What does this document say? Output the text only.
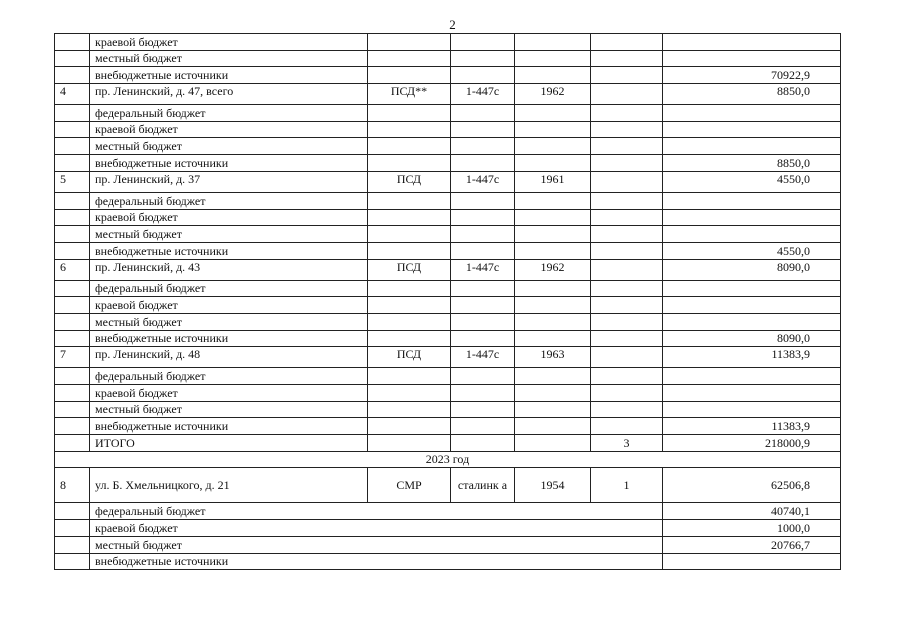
2
	краевой бюджет					
	местный бюджет					
	внебюджетные источники					70922,9
4	пр. Ленинский, д. 47, всего	ПСД**	1-447с	1962		8850,0
	федеральный бюджет					
	краевой бюджет					
	местный бюджет					
	внебюджетные источники					8850,0
5	пр. Ленинский, д. 37	ПСД	1-447с	1961		4550,0
	федеральный бюджет					
	краевой бюджет					
	местный бюджет					
	внебюджетные источники					4550,0
6	пр. Ленинский, д. 43	ПСД	1-447с	1962		8090,0
	федеральный бюджет					
	краевой бюджет					
	местный бюджет					
	внебюджетные источники					8090,0
7	пр. Ленинский, д. 48	ПСД	1-447с	1963		11383,9
	федеральный бюджет					
	краевой бюджет					
	местный бюджет					
	внебюджетные источники					11383,9
	ИТОГО				3	218000,9
2023 год						
8	ул. Б. Хмельницкого, д. 21	СМР	сталинк а	1954	1	62506,8
	федеральный бюджет					40740,1
	краевой бюджет					1000,0
	местный бюджет					20766,7
	внебюджетные источники					
